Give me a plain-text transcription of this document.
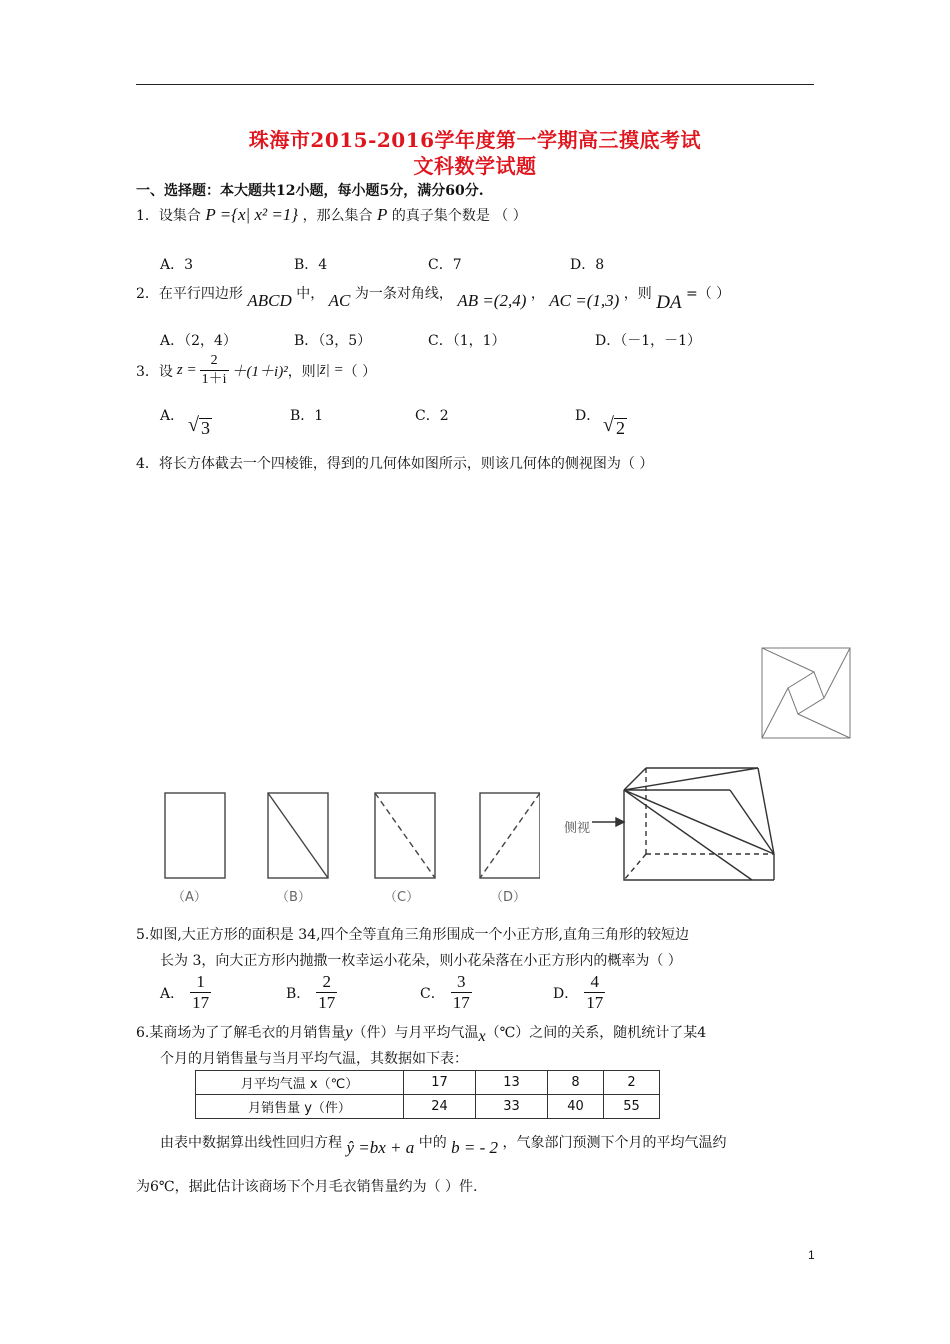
珠海市2015-2016学年度第一学期高三摸底考试
文科数学试题
一、选择题：本大题共12小题，每小题5分，满分60分.
1．设集合 P ={x| x² =1} ，那么集合 P 的真子集个数是 （ ）
A．3	B．4	C．7	D．8
2．在平行四边形 ABCD 中， AC 为一条对角线， AB =(2,4) ， AC =(1,3) ，则 DA =（ ）
A．（2，4）	B．（3，5）	C．（1，1）	D．（－1，－1）
3．设 $z = \frac{2}{1+i} +(1+i)^2$ ，则 |z̄| = （ ）
A． √ 3
B．1	C．2	D． √ 2
4．将长方体截去一个四棱锥，得到的几何体如图所示，则该几何体的侧视图为（ ）
（A）	（B）	（C）	（D）
侧视
5.如图,大正方形的面积是 34,四个全等直角三角形围成一个小正方形,直角三角形的较短边
长为 3，向大正方形内抛撒一枚幸运小花朵，则小花朵落在小正方形内的概率为（ ）
A． $\frac{1}{17}$	B． $\frac{2}{17}$	C． $\frac{3}{17}$	D． $\frac{4}{17}$
6.某商场为了了解毛衣的月销售量y（件）与月平均气温x（℃）之间的关系，随机统计了某4
个月的月销售量与当月平均气温，其数据如下表：
月平均气温 x（℃）	17	13	8	2
月销售量 y（件）	24	33	40	55
由表中数据算出线性回归方程 ŷ =bx + a 中的 b = - 2 ，气象部门预测下个月的平均气温约
为6℃，据此估计该商场下个月毛衣销售量约为（ ）件.
1
